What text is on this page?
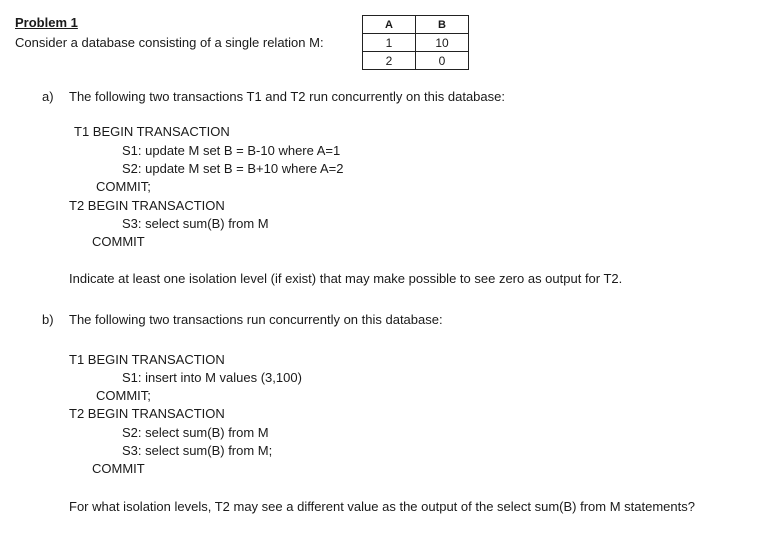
Problem 1
Consider a database consisting of a single relation M:
A	B
1	10
2	0
a) The following two transactions T1 and T2 run concurrently on this database:
T1 BEGIN TRANSACTION
S1: update M set B = B-10 where A=1
S2: update M set B = B+10 where A=2
COMMIT;
T2 BEGIN TRANSACTION
S3: select sum(B) from M
COMMIT
Indicate at least one isolation level (if exist) that may make possible to see zero as output for T2.
b) The following two transactions run concurrently on this database:
T1 BEGIN TRANSACTION
S1: insert into M values (3,100)
COMMIT;
T2 BEGIN TRANSACTION
S2: select sum(B) from M
S3: select sum(B) from M;
COMMIT
For what isolation levels, T2 may see a different value as the output of the select sum(B) from M statements?
